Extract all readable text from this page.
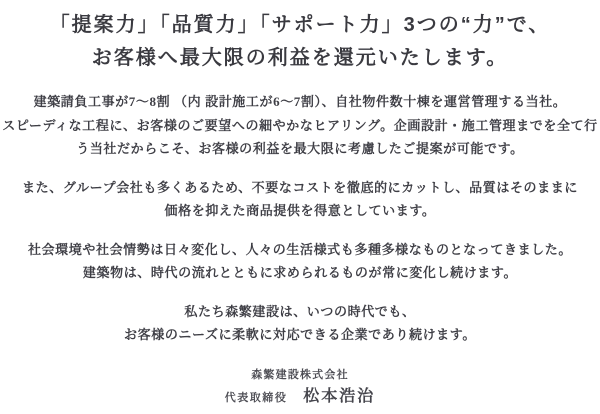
「提案力」「品質力」「サポート力」3つの“力”で、
お客様へ最大限の利益を還元いたします。

建築請負工事が7～8割 （内 設計施工が6～7割）、自社物件数十棟を運営管理する当社。
スピーディな工程に、お客様のご要望への細やかなヒアリング。企画設計・施工管理までを全て行
う当社だからこそ、お客様の利益を最大限に考慮したご提案が可能です。

また、グループ会社も多くあるため、不要なコストを徹底的にカットし、品質はそのままに
価格を抑えた商品提供を得意としています。

社会環境や社会情勢は日々変化し、人々の生活様式も多種多様なものとなってきました。
建築物は、時代の流れとともに求められるものが常に変化し続けます。

私たち森繁建設は、いつの時代でも、
お客様のニーズに柔軟に対応できる企業であり続けます。

森繁建設株式会社
代表取締役 松本浩治
